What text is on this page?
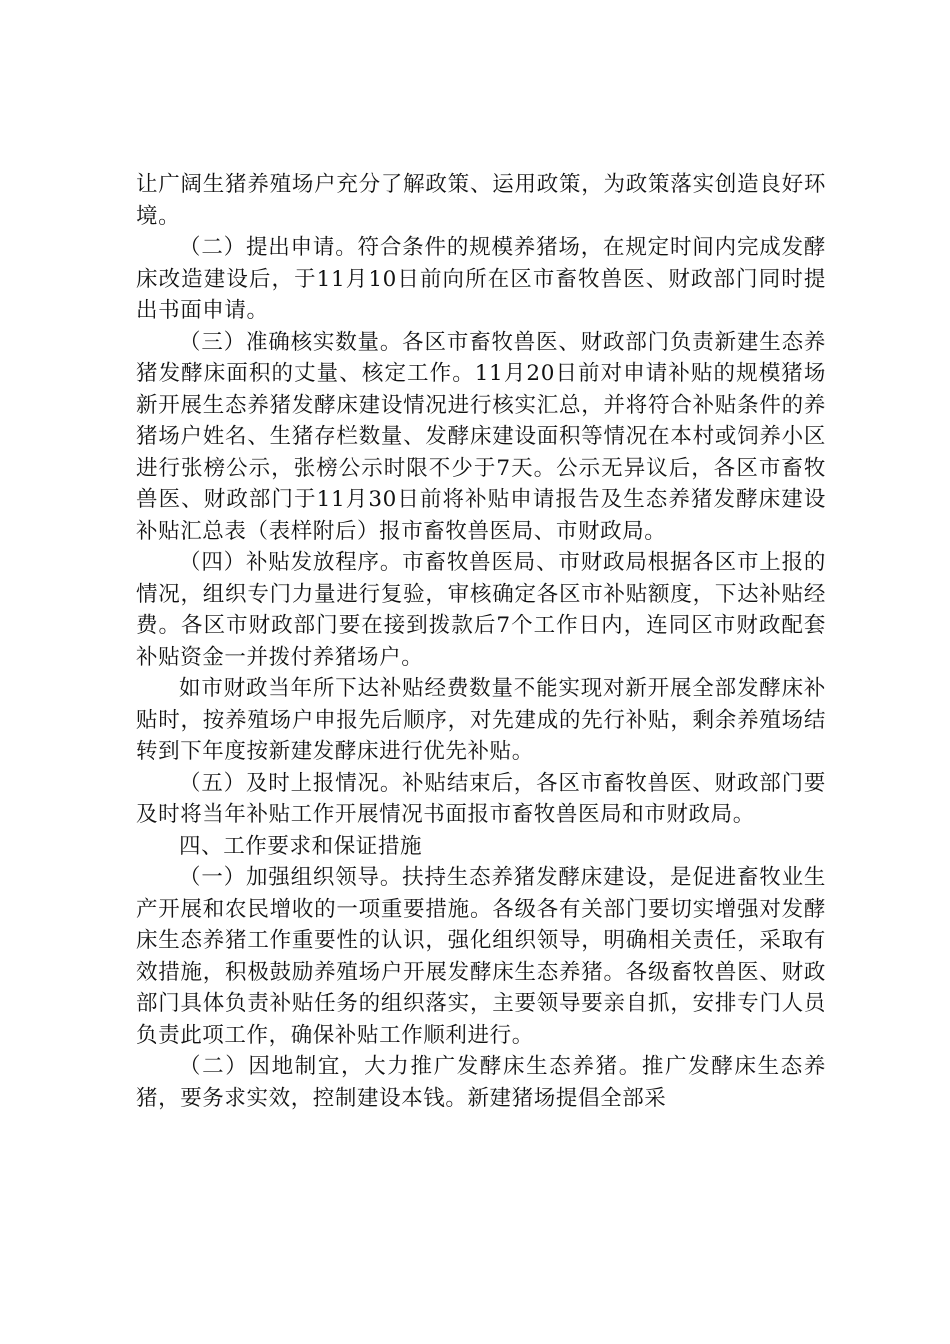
让广阔生猪养殖场户充分了解政策、运用政策，为政策落实创造良好环境。

（二）提出申请。符合条件的规模养猪场，在规定时间内完成发酵床改造建设后，于11月10日前向所在区市畜牧兽医、财政部门同时提出书面申请。

（三）准确核实数量。各区市畜牧兽医、财政部门负责新建生态养猪发酵床面积的丈量、核定工作。11月20日前对申请补贴的规模猪场新开展生态养猪发酵床建设情况进行核实汇总，并将符合补贴条件的养猪场户姓名、生猪存栏数量、发酵床建设面积等情况在本村或饲养小区进行张榜公示，张榜公示时限不少于7天。公示无异议后，各区市畜牧兽医、财政部门于11月30日前将补贴申请报告及生态养猪发酵床建设补贴汇总表（表样附后）报市畜牧兽医局、市财政局。

（四）补贴发放程序。市畜牧兽医局、市财政局根据各区市上报的情况，组织专门力量进行复验，审核确定各区市补贴额度，下达补贴经费。各区市财政部门要在接到拨款后7个工作日内，连同区市财政配套补贴资金一并拨付养猪场户。

如市财政当年所下达补贴经费数量不能实现对新开展全部发酵床补贴时，按养殖场户申报先后顺序，对先建成的先行补贴，剩余养殖场结转到下年度按新建发酵床进行优先补贴。

（五）及时上报情况。补贴结束后，各区市畜牧兽医、财政部门要及时将当年补贴工作开展情况书面报市畜牧兽医局和市财政局。

四、工作要求和保证措施

（一）加强组织领导。扶持生态养猪发酵床建设，是促进畜牧业生产开展和农民增收的一项重要措施。各级各有关部门要切实增强对发酵床生态养猪工作重要性的认识，强化组织领导，明确相关责任，采取有效措施，积极鼓励养殖场户开展发酵床生态养猪。各级畜牧兽医、财政部门具体负责补贴任务的组织落实，主要领导要亲自抓，安排专门人员负责此项工作，确保补贴工作顺利进行。

（二）因地制宜，大力推广发酵床生态养猪。推广发酵床生态养猪，要务求实效，控制建设本钱。新建猪场提倡全部采
